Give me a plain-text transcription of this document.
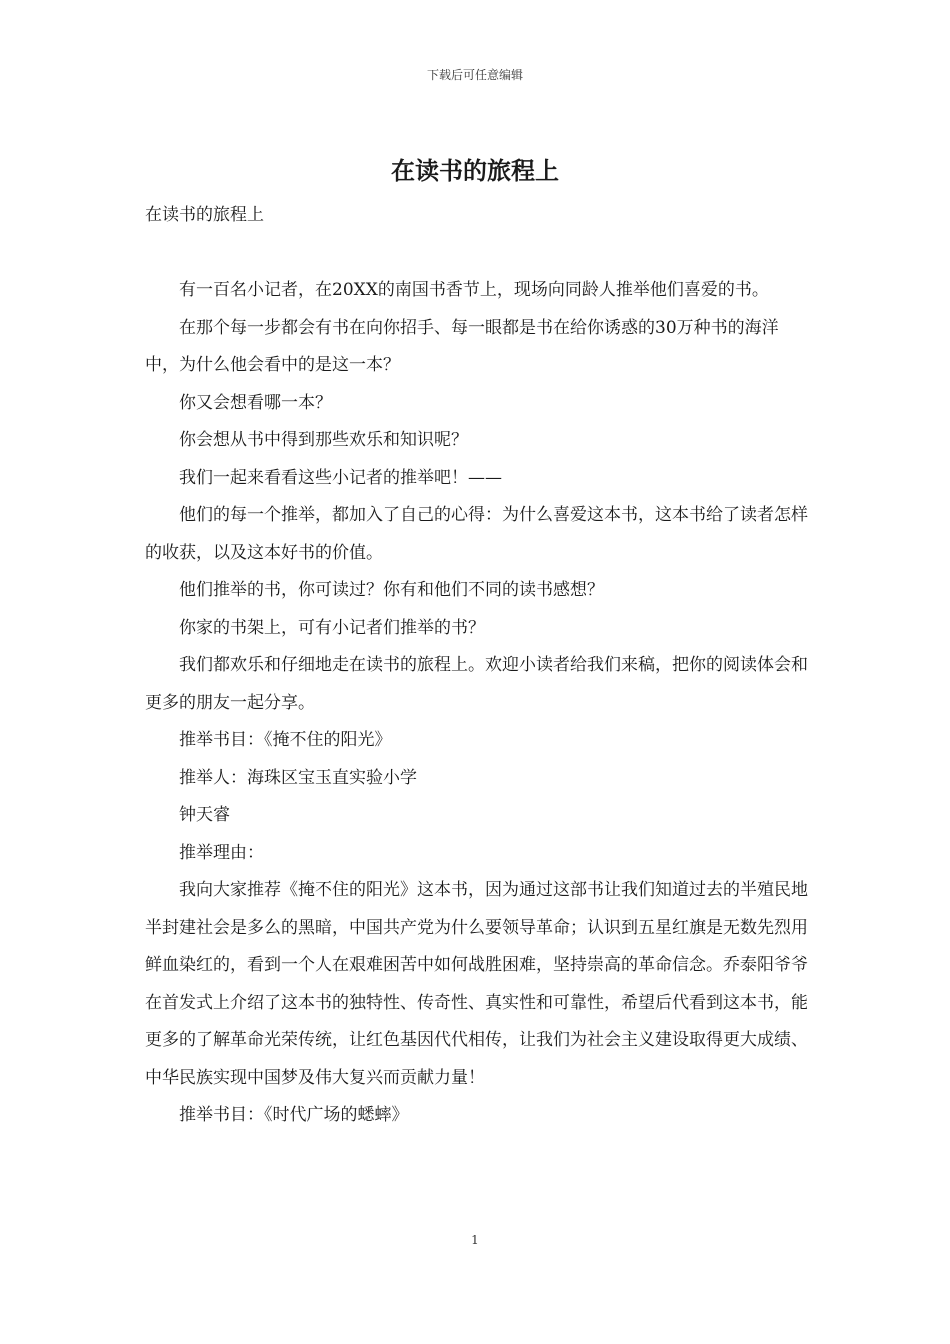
下载后可任意编辑
在读书的旅程上

在读书的旅程上

有一百名小记者，在20XX的南国书香节上，现场向同龄人推举他们喜爱的书。

在那个每一步都会有书在向你招手、每一眼都是书在给你诱惑的30万种书的海洋中，为什么他会看中的是这一本？

你又会想看哪一本？

你会想从书中得到那些欢乐和知识呢？

我们一起来看看这些小记者的推举吧！——

他们的每一个推举，都加入了自己的心得：为什么喜爱这本书，这本书给了读者怎样的收获，以及这本好书的价值。

他们推举的书，你可读过？你有和他们不同的读书感想？

你家的书架上，可有小记者们推举的书？

我们都欢乐和仔细地走在读书的旅程上。欢迎小读者给我们来稿，把你的阅读体会和更多的朋友一起分享。

推举书目：《掩不住的阳光》

推举人：海珠区宝玉直实验小学

钟天睿

推举理由：

我向大家推荐《掩不住的阳光》这本书，因为通过这部书让我们知道过去的半殖民地半封建社会是多么的黑暗，中国共产党为什么要领导革命；认识到五星红旗是无数先烈用鲜血染红的，看到一个人在艰难困苦中如何战胜困难，坚持崇高的革命信念。乔泰阳爷爷在首发式上介绍了这本书的独特性、传奇性、真实性和可靠性，希望后代看到这本书，能更多的了解革命光荣传统，让红色基因代代相传，让我们为社会主义建设取得更大成绩、中华民族实现中国梦及伟大复兴而贡献力量！

推举书目：《时代广场的蟋蟀》

1
